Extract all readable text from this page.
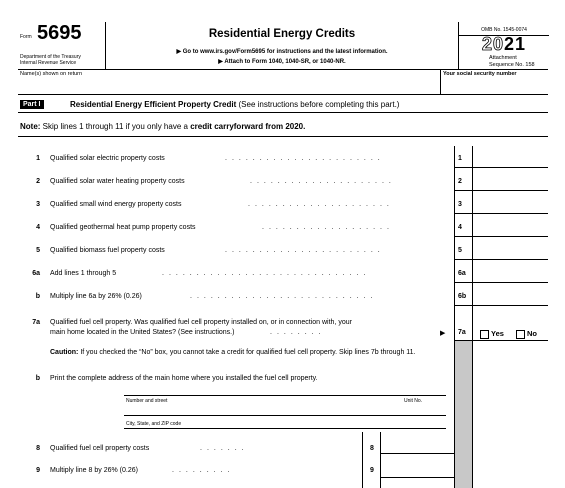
Form 5695
Department of the Treasury
Internal Revenue Service
Residential Energy Credits
▶ Go to www.irs.gov/Form5695 for instructions and the latest information.
▶ Attach to Form 1040, 1040-SR, or 1040-NR.
OMB No. 1545-0074
2021
Attachment
Sequence No. 158
Name(s) shown on return	Your social security number
Part I	Residential Energy Efficient Property Credit (See instructions before completing this part.)
Note: Skip lines 1 through 11 if you only have a credit carryforward from 2020.
1 Qualified solar electric property costs	.......................	1
2 Qualified solar water heating property costs	.....................	2
3 Qualified small wind energy property costs	.....................	3
4 Qualified geothermal heat pump property costs	...................	4
5 Qualified biomass fuel property costs	.......................	5
6a Add lines 1 through 5	..............................	6a
b Multiply line 6a by 26% (0.26)	...........................	6b
7a Qualified fuel cell property. Was qualified fuel cell property installed on, or in connection with, your
main home located in the United States? (See instructions.)	........	▶	7a	Yes	No
Caution: If you checked the “No” box, you cannot take a credit for qualified fuel cell property. Skip lines 7b through 11.
b Print the complete address of the main home where you installed the fuel cell property.
Number and street	Unit No.
City, State, and ZIP code
8 Qualified fuel cell property costs	.......	8
9 Multiply line 8 by 26% (0.26)	.........	9
